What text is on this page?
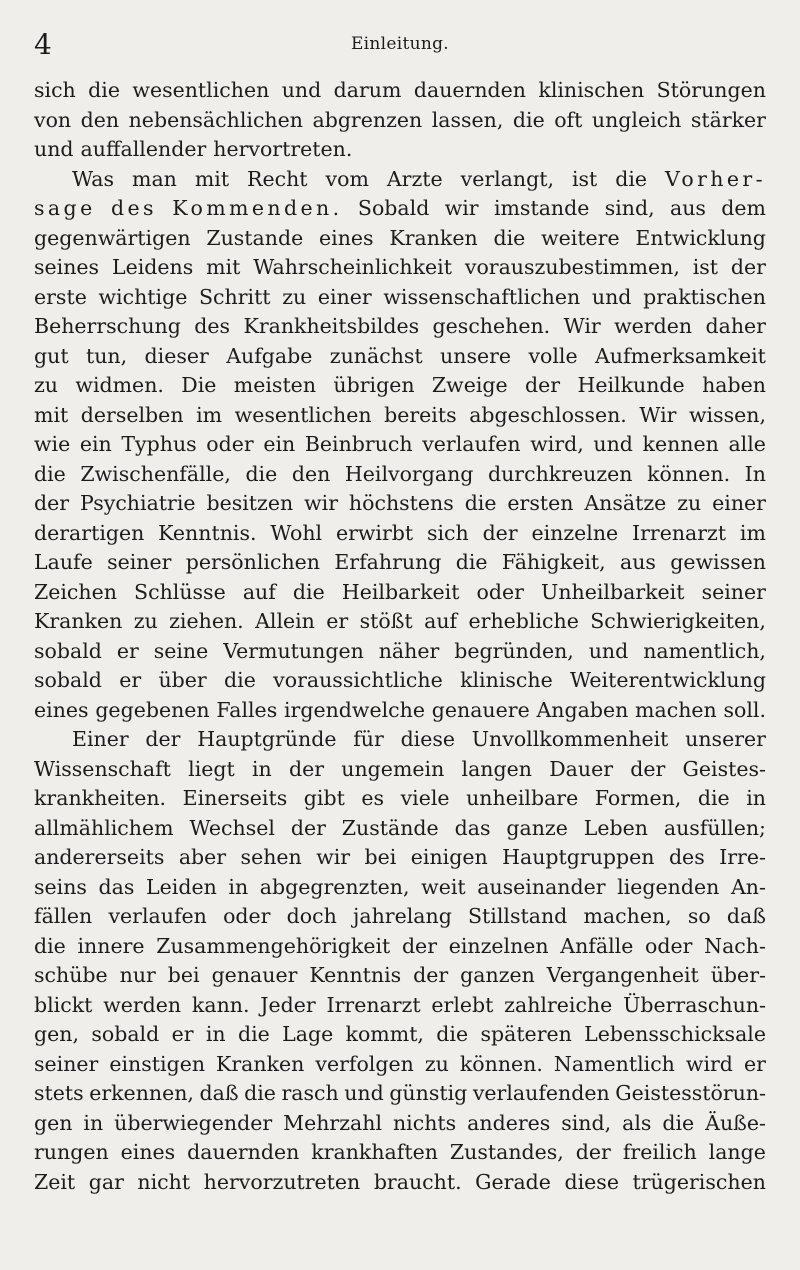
4	Einleitung.
sich die wesentlichen und darum dauernden klinischen Störungen
von den nebensächlichen abgrenzen lassen, die oft ungleich stärker
und auffallender hervortreten.
Was man mit Recht vom Arzte verlangt, ist die Vorher-
sage des Kommenden. Sobald wir imstande sind, aus dem
gegenwärtigen Zustande eines Kranken die weitere Entwicklung
seines Leidens mit Wahrscheinlichkeit vorauszubestimmen, ist der
erste wichtige Schritt zu einer wissenschaftlichen und praktischen
Beherrschung des Krankheitsbildes geschehen. Wir werden daher
gut tun, dieser Aufgabe zunächst unsere volle Aufmerksamkeit
zu widmen. Die meisten übrigen Zweige der Heilkunde haben
mit derselben im wesentlichen bereits abgeschlossen. Wir wissen,
wie ein Typhus oder ein Beinbruch verlaufen wird, und kennen alle
die Zwischenfälle, die den Heilvorgang durchkreuzen können. In
der Psychiatrie besitzen wir höchstens die ersten Ansätze zu einer
derartigen Kenntnis. Wohl erwirbt sich der einzelne Irrenarzt im
Laufe seiner persönlichen Erfahrung die Fähigkeit, aus gewissen
Zeichen Schlüsse auf die Heilbarkeit oder Unheilbarkeit seiner
Kranken zu ziehen. Allein er stößt auf erhebliche Schwierigkeiten,
sobald er seine Vermutungen näher begründen, und namentlich,
sobald er über die voraussichtliche klinische Weiterentwicklung
eines gegebenen Falles irgendwelche genauere Angaben machen soll.
Einer der Hauptgründe für diese Unvollkommenheit unserer
Wissenschaft liegt in der ungemein langen Dauer der Geistes-
krankheiten. Einerseits gibt es viele unheilbare Formen, die in
allmählichem Wechsel der Zustände das ganze Leben ausfüllen;
andererseits aber sehen wir bei einigen Hauptgruppen des Irre-
seins das Leiden in abgegrenzten, weit auseinander liegenden An-
fällen verlaufen oder doch jahrelang Stillstand machen, so daß
die innere Zusammengehörigkeit der einzelnen Anfälle oder Nach-
schübe nur bei genauer Kenntnis der ganzen Vergangenheit über-
blickt werden kann. Jeder Irrenarzt erlebt zahlreiche Überraschun-
gen, sobald er in die Lage kommt, die späteren Lebensschicksale
seiner einstigen Kranken verfolgen zu können. Namentlich wird er
stets erkennen, daß die rasch und günstig verlaufenden Geistesstörun-
gen in überwiegender Mehrzahl nichts anderes sind, als die Äuße-
rungen eines dauernden krankhaften Zustandes, der freilich lange
Zeit gar nicht hervorzutreten braucht. Gerade diese trügerischen
